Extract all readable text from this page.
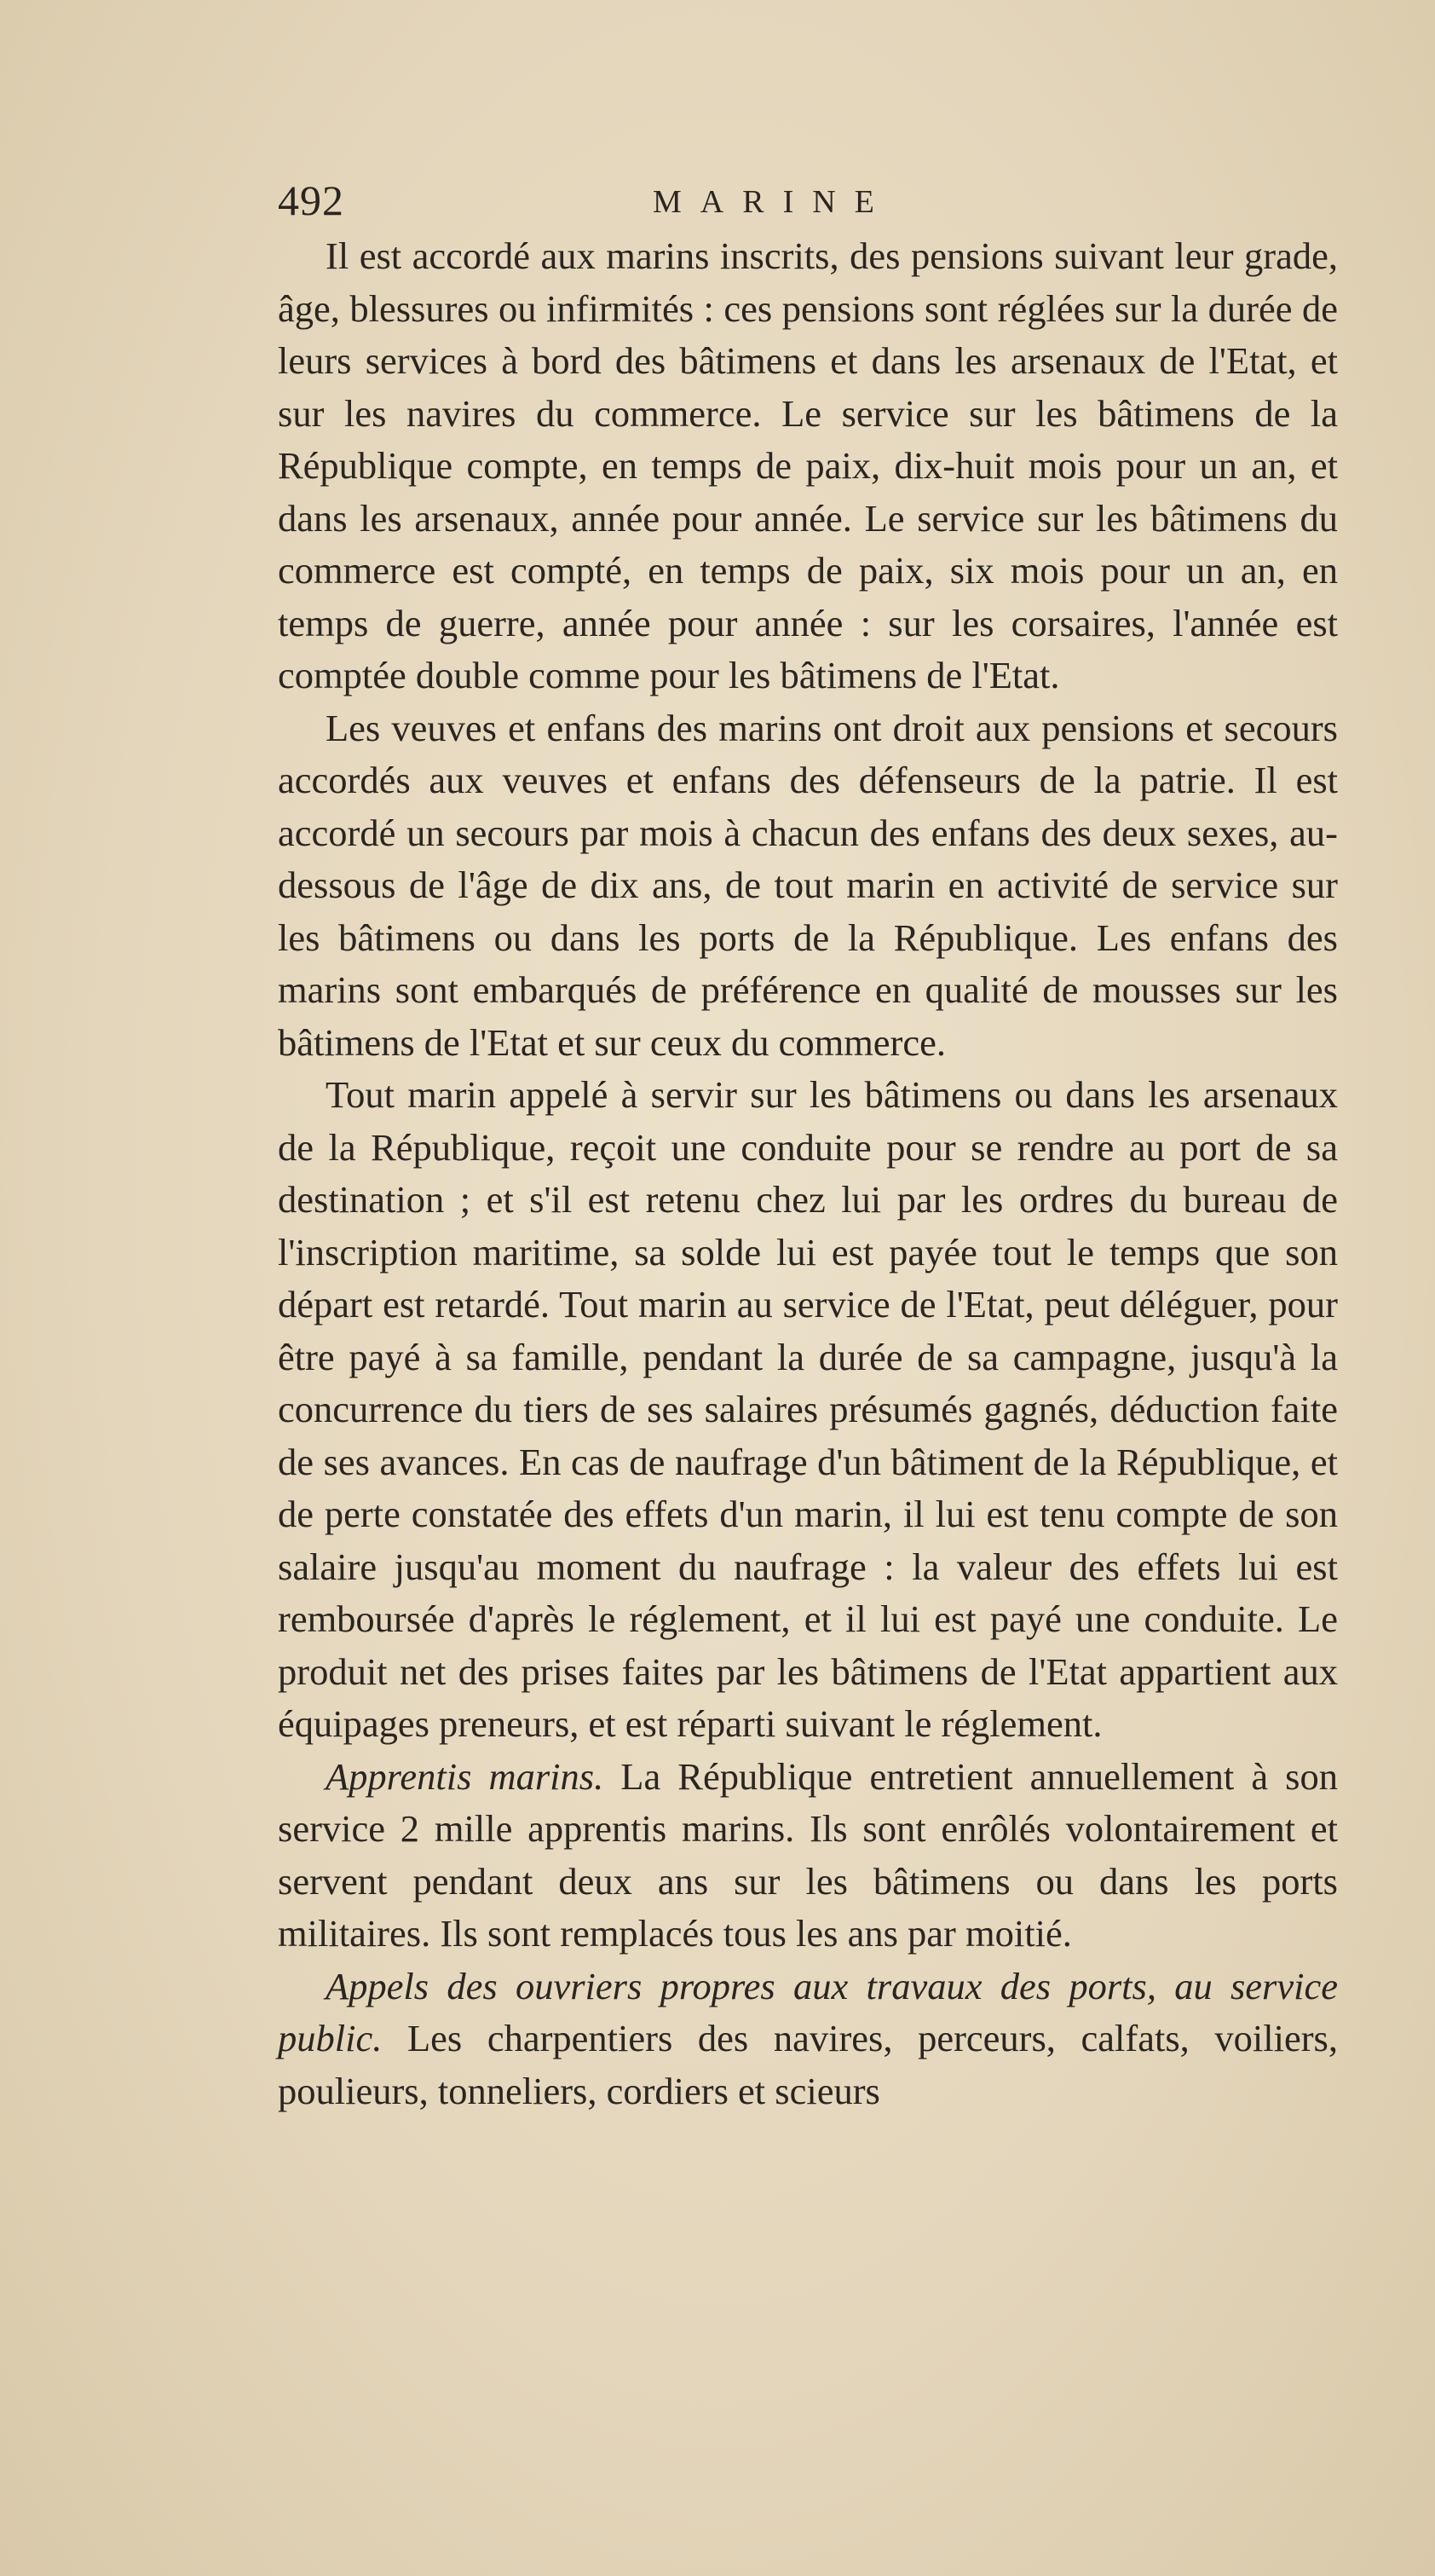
492	MARINE

Il est accordé aux marins inscrits, des pensions suivant leur grade, âge, blessures ou infirmités : ces pensions sont réglées sur la durée de leurs services à bord des bâtimens et dans les arsenaux de l'Etat, et sur les navires du commerce. Le service sur les bâtimens de la République compte, en temps de paix, dix-huit mois pour un an, et dans les arsenaux, année pour année. Le service sur les bâtimens du commerce est compté, en temps de paix, six mois pour un an, en temps de guerre, année pour année : sur les corsaires, l'année est comptée double comme pour les bâtimens de l'Etat.

Les veuves et enfans des marins ont droit aux pensions et secours accordés aux veuves et enfans des défenseurs de la patrie. Il est accordé un secours par mois à chacun des enfans des deux sexes, au-dessous de l'âge de dix ans, de tout marin en activité de service sur les bâtimens ou dans les ports de la République. Les enfans des marins sont embarqués de préférence en qualité de mousses sur les bâtimens de l'Etat et sur ceux du commerce.

Tout marin appelé à servir sur les bâtimens ou dans les arsenaux de la République, reçoit une conduite pour se rendre au port de sa destination ; et s'il est retenu chez lui par les ordres du bureau de l'inscription maritime, sa solde lui est payée tout le temps que son départ est retardé. Tout marin au service de l'Etat, peut déléguer, pour être payé à sa famille, pendant la durée de sa campagne, jusqu'à la concurrence du tiers de ses salaires présumés gagnés, déduction faite de ses avances. En cas de naufrage d'un bâtiment de la République, et de perte constatée des effets d'un marin, il lui est tenu compte de son salaire jusqu'au moment du naufrage : la valeur des effets lui est remboursée d'après le réglement, et il lui est payé une conduite. Le produit net des prises faites par les bâtimens de l'Etat appartient aux équipages preneurs, et est réparti suivant le réglement.

Apprentis marins. La République entretient annuellement à son service 2 mille apprentis marins. Ils sont enrôlés volontairement et servent pendant deux ans sur les bâtimens ou dans les ports militaires. Ils sont remplacés tous les ans par moitié.

Appels des ouvriers propres aux travaux des ports, au service public. Les charpentiers des navires, perceurs, calfats, voiliers, poulieurs, tonneliers, cordiers et scieurs
